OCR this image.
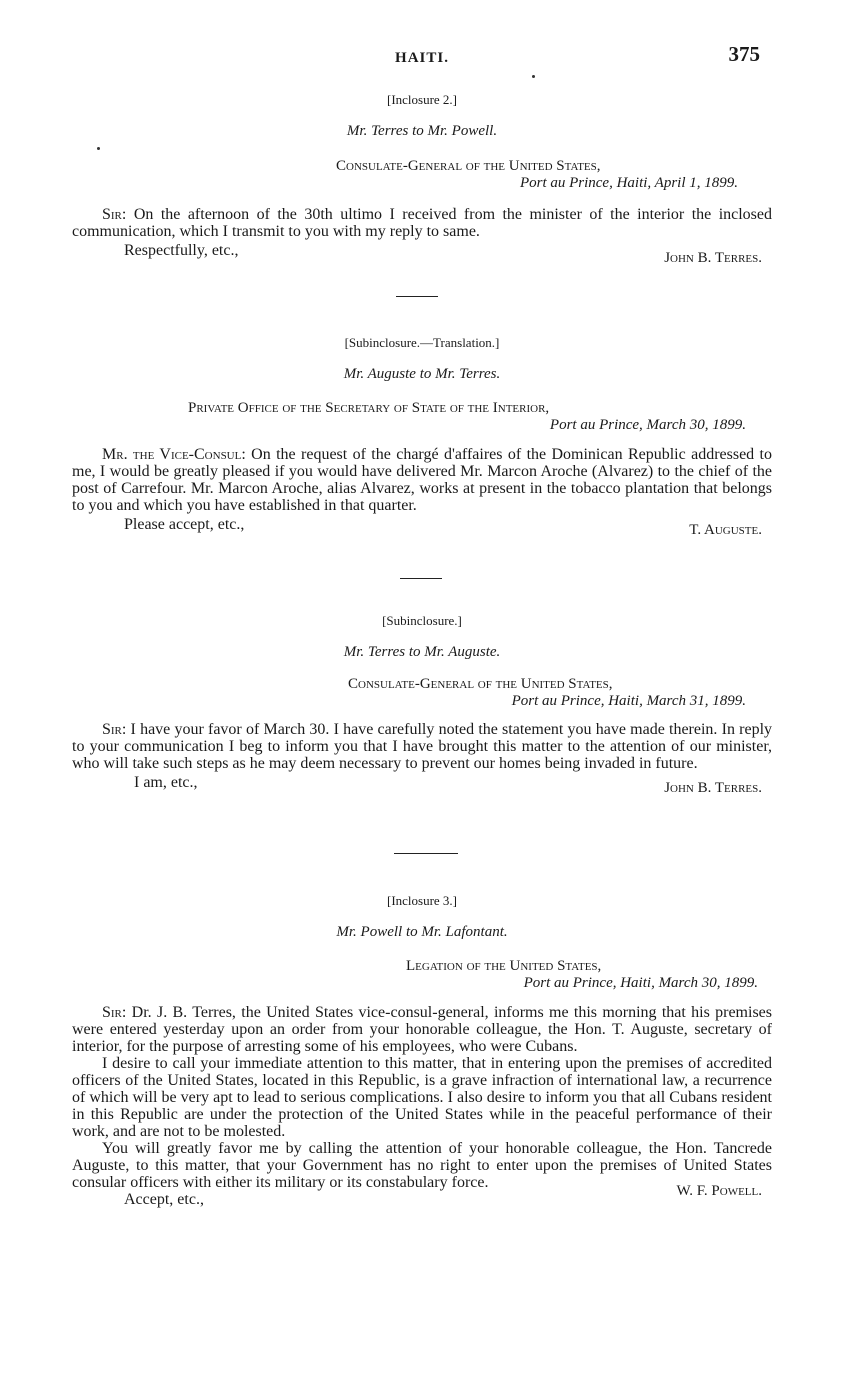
HAITI.	375
[Inclosure 2.]
Mr. Terres to Mr. Powell.
Consulate-General of the United States,
Port au Prince, Haiti, April 1, 1899.

Sir: On the afternoon of the 30th ultimo I received from the minister of the interior the inclosed communication, which I transmit to you with my reply to same.

Respectfully, etc.,	John B. Terres.
[Subinclosure.—Translation.]
Mr. Auguste to Mr. Terres.
Private Office of the Secretary of State of the Interior,
Port au Prince, March 30, 1899.

Mr. the Vice-Consul: On the request of the chargé d'affaires of the Dominican Republic addressed to me, I would be greatly pleased if you would have delivered Mr. Marcon Aroche (Alvarez) to the chief of the post of Carrefour. Mr. Marcon Aroche, alias Alvarez, works at present in the tobacco plantation that belongs to you and which you have established in that quarter.

Please accept, etc.,	T. Auguste.
[Subinclosure.]
Mr. Terres to Mr. Auguste.
Consulate-General of the United States,
Port au Prince, Haiti, March 31, 1899.

Sir: I have your favor of March 30. I have carefully noted the statement you have made therein. In reply to your communication I beg to inform you that I have brought this matter to the attention of our minister, who will take such steps as he may deem necessary to prevent our homes being invaded in future.

I am, etc.,	John B. Terres.
[Inclosure 3.]
Mr. Powell to Mr. Lafontant.
Legation of the United States,
Port au Prince, Haiti, March 30, 1899.

Sir: Dr. J. B. Terres, the United States vice-consul-general, informs me this morning that his premises were entered yesterday upon an order from your honorable colleague, the Hon. T. Auguste, secretary of interior, for the purpose of arresting some of his employees, who were Cubans.

I desire to call your immediate attention to this matter, that in entering upon the premises of accredited officers of the United States, located in this Republic, is a grave infraction of international law, a recurrence of which will be very apt to lead to serious complications. I also desire to inform you that all Cubans resident in this Republic are under the protection of the United States while in the peaceful performance of their work, and are not to be molested.

You will greatly favor me by calling the attention of your honorable colleague, the Hon. Tancrede Auguste, to this matter, that your Government has no right to enter upon the premises of United States consular officers with either its military or its constabulary force.

Accept, etc.,	W. F. Powell.
